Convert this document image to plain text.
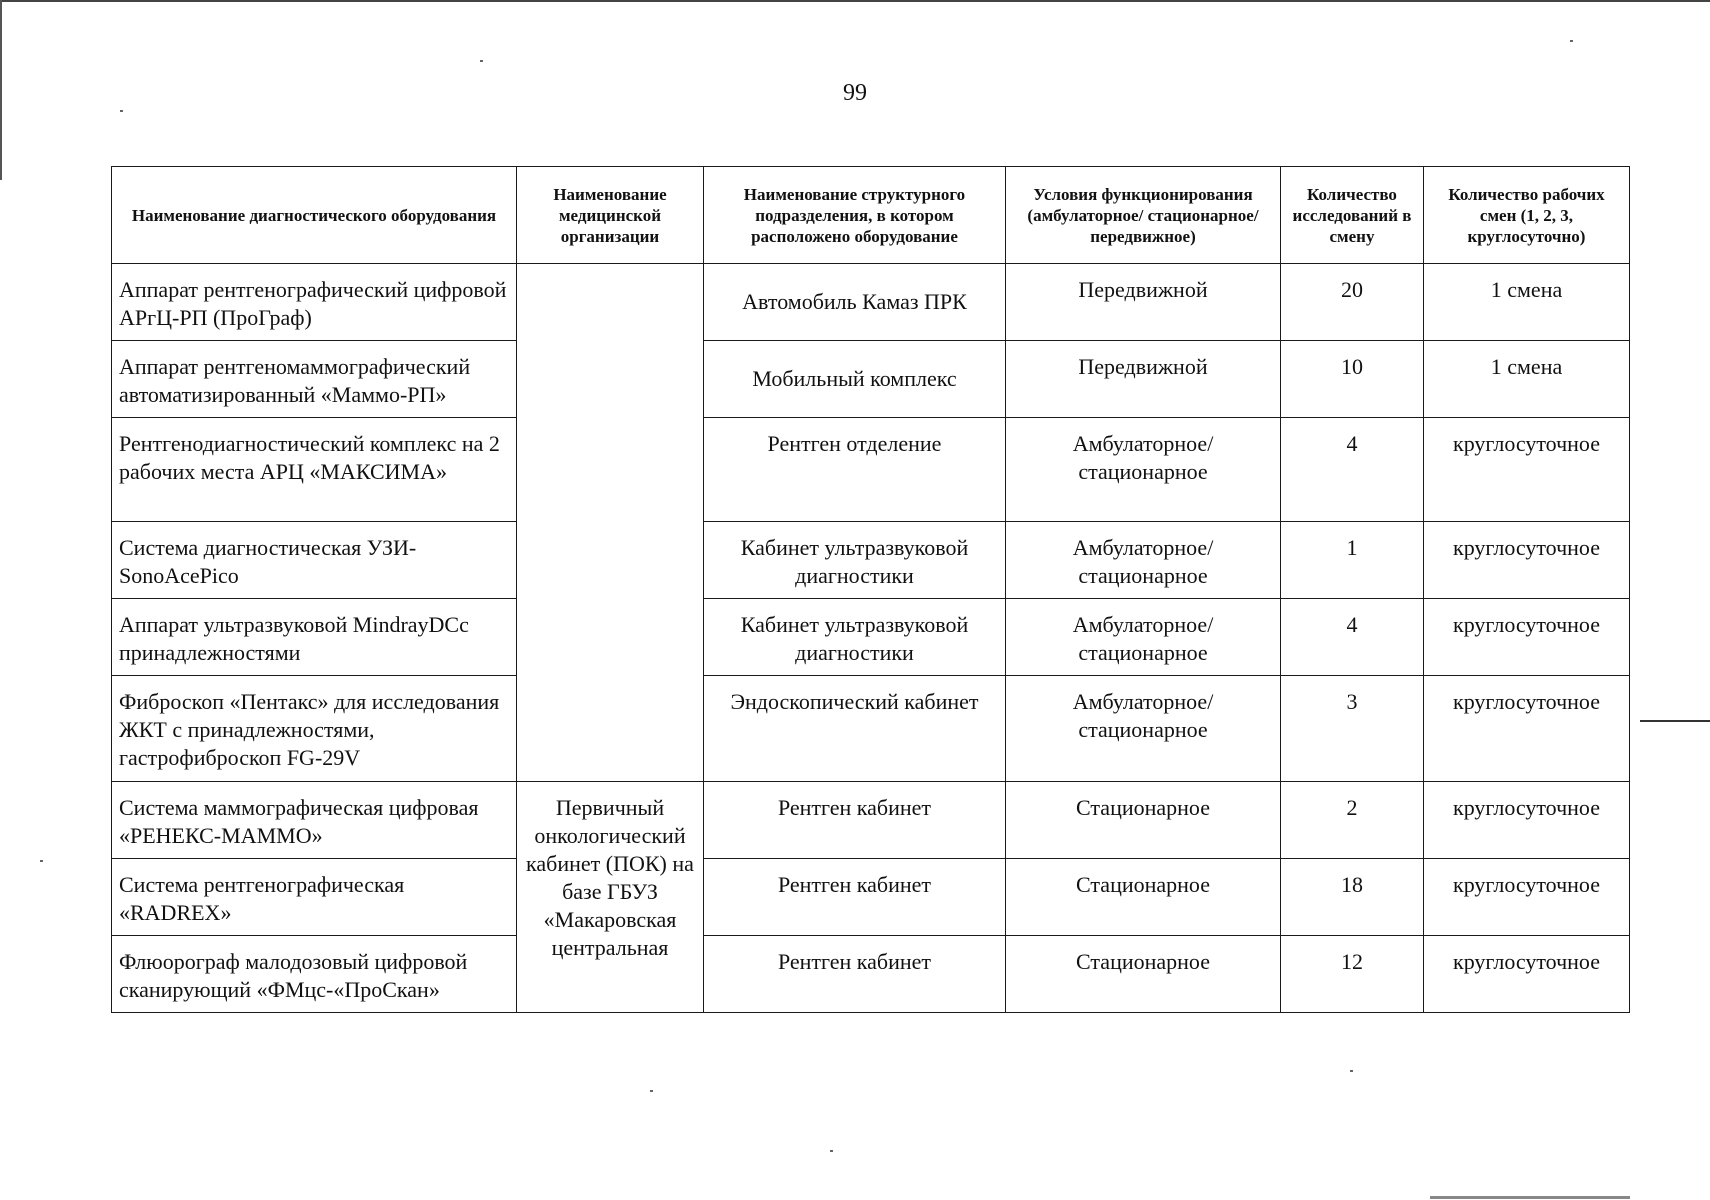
99
Наименование диагностического оборудования	Наименование медицинской организации	Наименование структурного подразделения, в котором расположено оборудование	Условия функционирования (амбулаторное/ стационарное/передвижное)	Количество исследований в смену	Количество рабочих смен (1, 2, 3, круглосуточно)
Аппарат рентгенографический цифровой АРгЦ-РП (ПроГраф)		Автомобиль Камаз ПРК	Передвижной	20	1 смена
Аппарат рентгеномаммографический автоматизированный «Маммо-РП»		Мобильный комплекс	Передвижной	10	1 смена
Рентгенодиагностический комплекс на 2 рабочих места АРЦ «МАКСИМА»		Рентген отделение	Амбулаторное/ стационарное	4	круглосуточное
Система диагностическая УЗИ-SonoAcePico		Кабинет ультразвуковой диагностики	Амбулаторное/ стационарное	1	круглосуточное
Аппарат ультразвуковой MindrayDCc принадлежностями		Кабинет ультразвуковой диагностики	Амбулаторное/ стационарное	4	круглосуточное
Фиброскоп «Пентакс» для исследования ЖКТ с принадлежностями, гастрофиброскоп FG-29V		Эндоскопический кабинет	Амбулаторное/ стационарное	3	круглосуточное
Система маммографическая цифровая «РЕНЕКС-МАММО»	Первичный онкологический кабинет (ПОК) на базе ГБУЗ «Макаровская центральная	Рентген кабинет	Стационарное	2	круглосуточное
Система рентгенографическая «RADREX»		Рентген кабинет	Стационарное	18	круглосуточное
Флюорограф малодозовый цифровой сканирующий «ФМцс-«ПроСкан»		Рентген кабинет	Стационарное	12	круглосуточное
